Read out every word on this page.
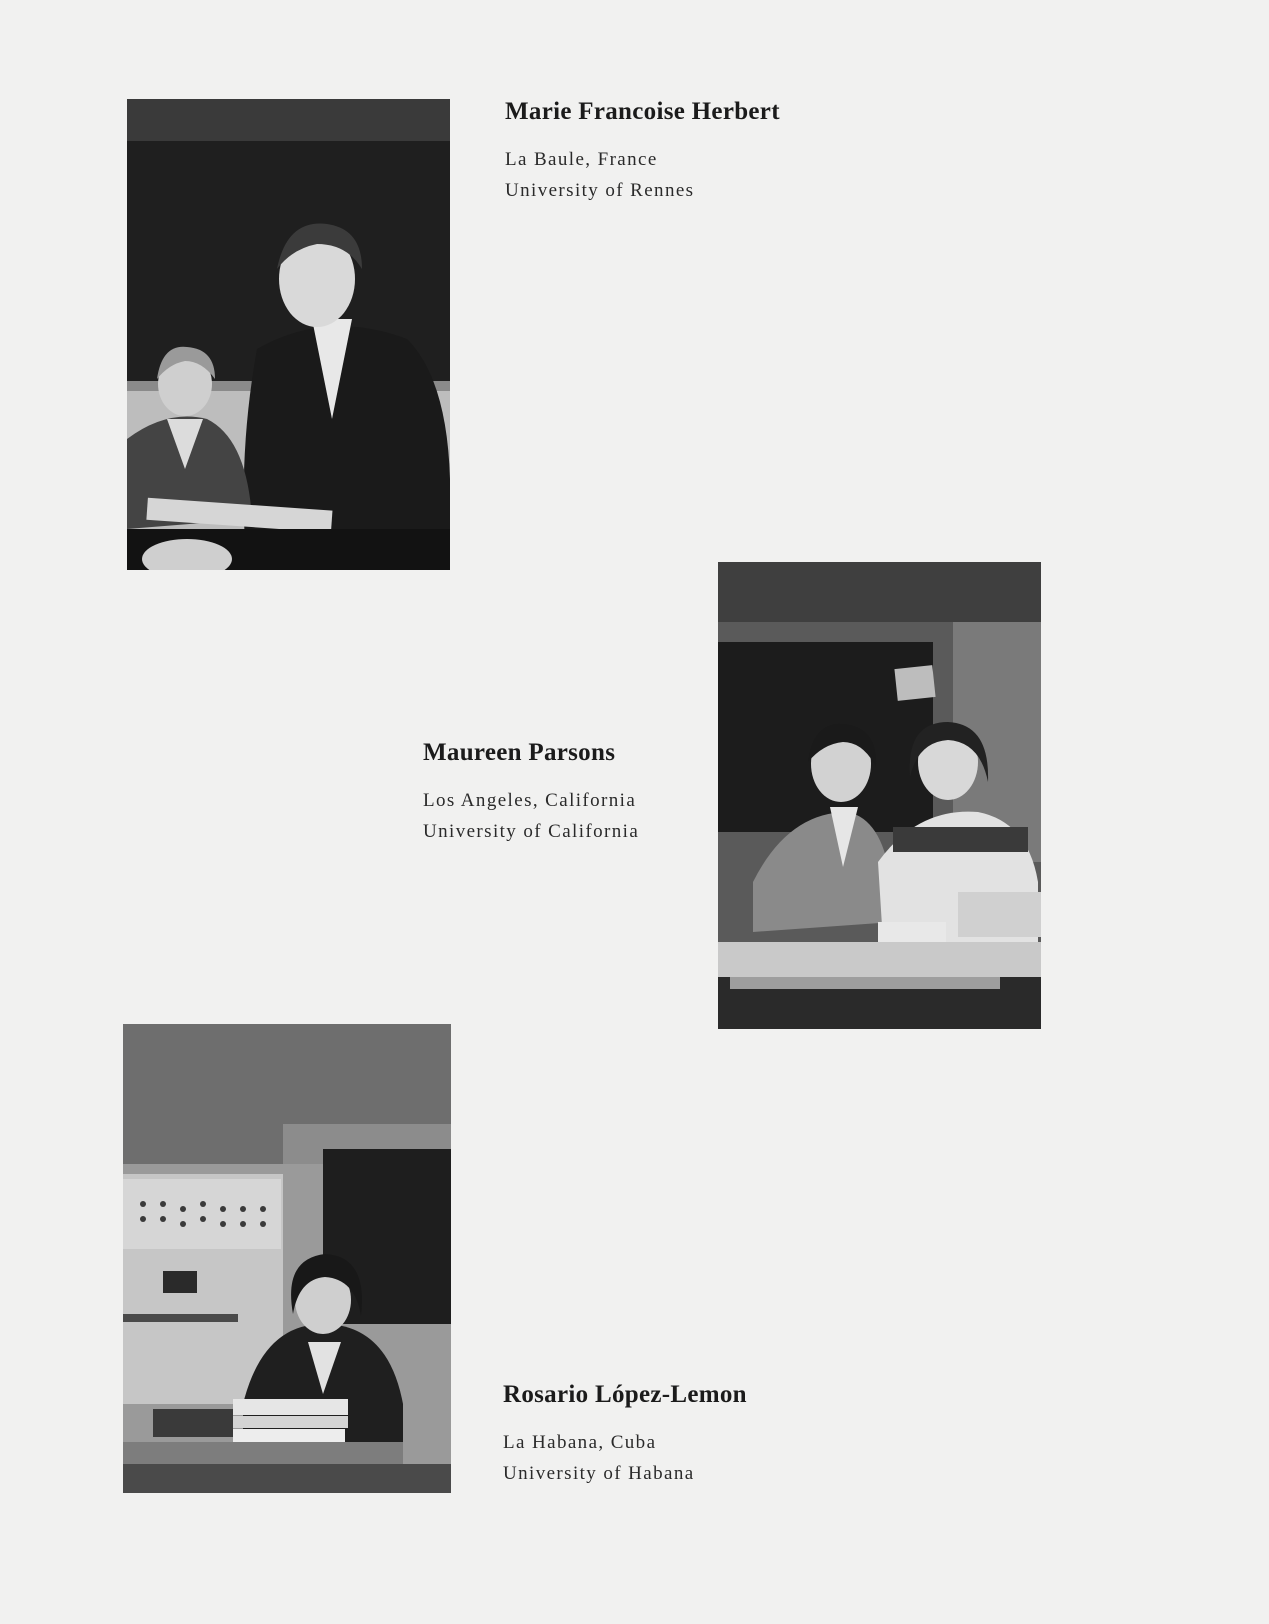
Marie Francoise Herbert
La Baule, France
University of Rennes
Maureen Parsons
Los Angeles, California
University of California
Rosario López-Lemon
La Habana, Cuba
University of Habana
